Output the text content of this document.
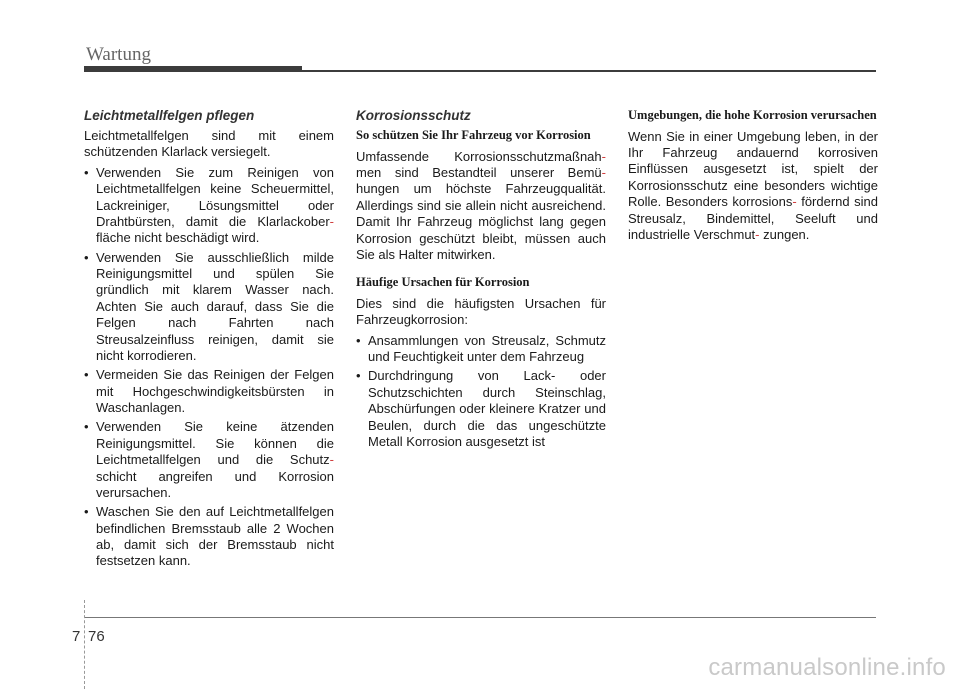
Wartung
Leichtmetallfelgen pflegen

Leichtmetallfelgen sind mit einem schützenden Klarlack versiegelt.

• Verwenden Sie zum Reinigen von Leichtmetallfelgen keine Scheuermittel, Lackreiniger, Lösungsmittel oder Drahtbürsten, damit die Klarlackober- fläche nicht beschädigt wird.
• Verwenden Sie ausschließlich milde Reinigungsmittel und spülen Sie gründlich mit klarem Wasser nach. Achten Sie auch darauf, dass Sie die Felgen nach Fahrten nach Streusalzeinfluss reinigen, damit sie nicht korrodieren.
• Vermeiden Sie das Reinigen der Felgen mit Hochgeschwindigkeitsbürsten in Waschanlagen.
• Verwenden Sie keine ätzenden Reinigungsmittel. Sie können die Leichtmetallfelgen und die Schutz- schicht angreifen und Korrosion verursachen.
• Waschen Sie den auf Leichtmetallfelgen befindlichen Bremsstaub alle 2 Wochen ab, damit sich der Bremsstaub nicht festsetzen kann.
Korrosionsschutz
So schützen Sie Ihr Fahrzeug vor Korrosion

Umfassende Korrosionsschutzmaßnah- men sind Bestandteil unserer Bemü- hungen um höchste Fahrzeugqualität. Allerdings sind sie allein nicht ausreichend. Damit Ihr Fahrzeug möglichst lang gegen Korrosion geschützt bleibt, müssen auch Sie als Halter mitwirken.

Häufige Ursachen für Korrosion

Dies sind die häufigsten Ursachen für Fahrzeugkorrosion:

• Ansammlungen von Streusalz, Schmutz und Feuchtigkeit unter dem Fahrzeug
• Durchdringung von Lack- oder Schutzschichten durch Steinschlag, Abschürfungen oder kleinere Kratzer und Beulen, durch die das ungeschützte Metall Korrosion ausgesetzt ist
Umgebungen, die hohe Korrosion verursachen

Wenn Sie in einer Umgebung leben, in der Ihr Fahrzeug andauernd korrosiven Einflüssen ausgesetzt ist, spielt der Korrosionsschutz eine besonders wichtige Rolle. Besonders korrosions- fördernd sind Streusalz, Bindemittel, Seeluft und industrielle Verschmut- zungen.

7 76
carmanualsonline.info
